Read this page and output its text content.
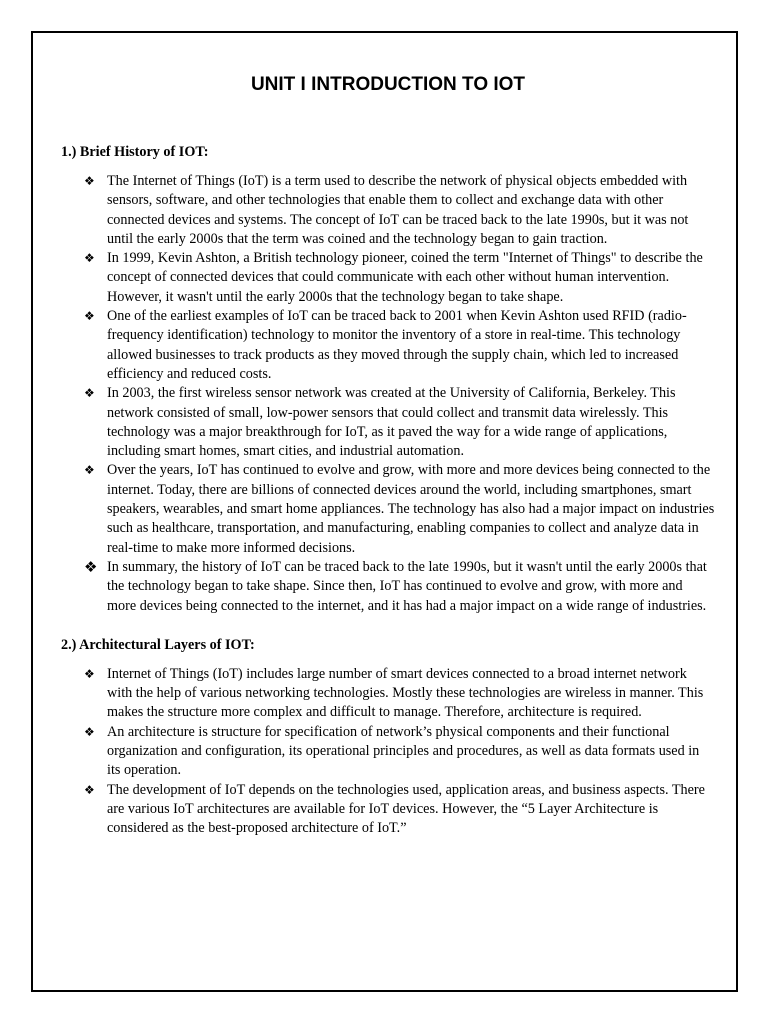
UNIT I INTRODUCTION TO IOT
1.) Brief History of IOT:
❖ The Internet of Things (IoT) is a term used to describe the network of physical objects embedded with sensors, software, and other technologies that enable them to collect and exchange data with other connected devices and systems. The concept of IoT can be traced back to the late 1990s, but it was not until the early 2000s that the term was coined and the technology began to gain traction.
❖ In 1999, Kevin Ashton, a British technology pioneer, coined the term "Internet of Things" to describe the concept of connected devices that could communicate with each other without human intervention. However, it wasn't until the early 2000s that the technology began to take shape.
❖ One of the earliest examples of IoT can be traced back to 2001 when Kevin Ashton used RFID (radio-frequency identification) technology to monitor the inventory of a store in real-time. This technology allowed businesses to track products as they moved through the supply chain, which led to increased efficiency and reduced costs.
❖ In 2003, the first wireless sensor network was created at the University of California, Berkeley. This network consisted of small, low-power sensors that could collect and transmit data wirelessly. This technology was a major breakthrough for IoT, as it paved the way for a wide range of applications, including smart homes, smart cities, and industrial automation.
❖ Over the years, IoT has continued to evolve and grow, with more and more devices being connected to the internet. Today, there are billions of connected devices around the world, including smartphones, smart speakers, wearables, and smart home appliances. The technology has also had a major impact on industries such as healthcare, transportation, and manufacturing, enabling companies to collect and analyze data in real-time to make more informed decisions.
❖ In summary, the history of IoT can be traced back to the late 1990s, but it wasn't until the early 2000s that the technology began to take shape. Since then, IoT has continued to evolve and grow, with more and more devices being connected to the internet, and it has had a major impact on a wide range of industries.
2.) Architectural Layers of IOT:
❖ Internet of Things (IoT) includes large number of smart devices connected to a broad internet network with the help of various networking technologies. Mostly these technologies are wireless in manner. This makes the structure more complex and difficult to manage. Therefore, architecture is required.
❖ An architecture is structure for specification of network’s physical components and their functional organization and configuration, its operational principles and procedures, as well as data formats used in its operation.
❖ The development of IoT depends on the technologies used, application areas, and business aspects. There are various IoT architectures are available for IoT devices. However, the “5 Layer Architecture is considered as the best-proposed architecture of IoT.”
